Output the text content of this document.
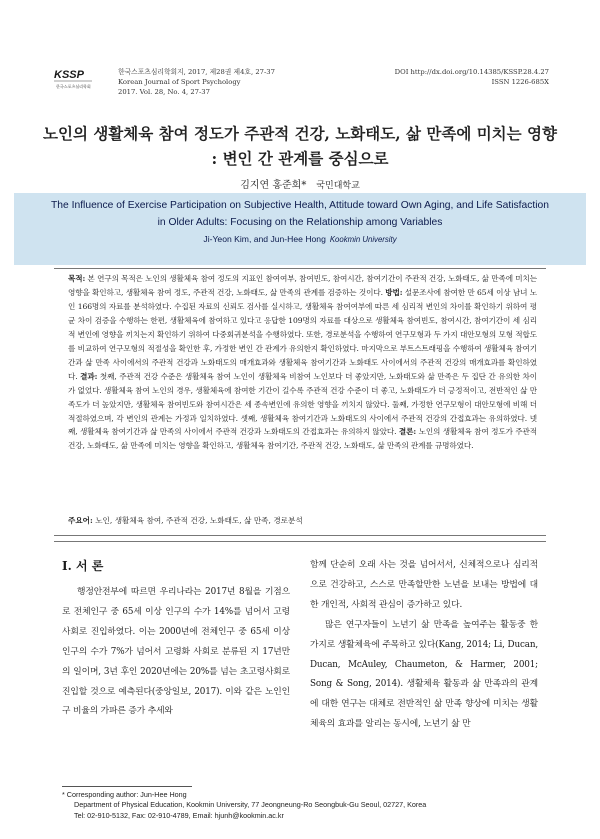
KSSP
한국스포츠심리학회
한국스포츠심리학회지, 2017, 제28권 제4호, 27-37
Korean Journal of Sport Psychology
2017. Vol. 28, No. 4, 27-37
DOI http://dx.doi.org/10.14385/KSSP.28.4.27
ISSN 1226-685X
노인의 생활체육 참여 정도가 주관적 건강, 노화태도, 삶 만족에 미치는 영향
: 변인 간 관계를 중심으로
김지연 홍준희* 국민대학교
The Influence of Exercise Participation on Subjective Health, Attitude toward Own Aging, and Life Satisfaction
in Older Adults: Focusing on the Relationship among Variables
Ji-Yeon Kim, and Jun-Hee Hong Kookmin University
목적: 본 연구의 목적은 노인의 생활체육 참여 정도의 지표인 참여여부, 참여빈도, 참여시간, 참여기간이 주관적 건강, 노화태도, 삶 만족에 미치는 영향을 확인하고, 생활체육 참여 정도, 주관적 건강, 노화태도, 삶 만족의 관계를 검증하는 것이다. 방법: 설문조사에 참여한 만 65세 이상 남녀 노인 166명의 자료를 분석하였다. 수집된 자료의 신뢰도 검사를 실시하고, 생활체육 참여여부에 따른 세 심리적 변인의 차이를 확인하기 위하여 평균 차이 검증을 수행하는 한편, 생활체육에 참여하고 있다고 응답한 109명의 자료를 대상으로 생활체육 참여빈도, 참여시간, 참여기간이 세 심리적 변인에 영향을 끼치는지 확인하기 위하여 다중회귀분석을 수행하였다. 또한, 경로분석을 수행하여 연구모형과 두 가지 대안모형의 모형 적합도를 비교하여 연구모형의 적절성을 확인한 후, 가정한 변인 간 관계가 유의한지 확인하였다. 마지막으로 부트스트래핑을 수행하여 생활체육 참여기간과 삶 만족 사이에서의 주관적 건강과 노화태도의 매개효과와 생활체육 참여기간과 노화태도 사이에서의 주관적 건강의 매개효과를 확인하였다. 결과: 첫째, 주관적 건강 수준은 생활체육 참여 노인이 생활체육 비참여 노인보다 더 좋았지만, 노화태도와 삶 만족은 두 집단 간 유의한 차이가 없었다. 생활체육 참여 노인의 경우, 생활체육에 참여한 기간이 길수록 주관적 건강 수준이 더 좋고, 노화태도가 더 긍정적이고, 전반적인 삶 만족도가 더 높았지만, 생활체육 참여빈도와 참여시간은 세 종속변인에 유의한 영향을 끼치지 않았다. 둘째, 가정한 연구모형이 대안모형에 비해 더 적절하였으며, 각 변인의 관계는 가정과 일치하였다. 셋째, 생활체육 참여기간과 노화태도의 사이에서 주관적 건강의 간접효과는 유의하였다. 넷째, 생활체육 참여기간과 삶 만족의 사이에서 주관적 건강과 노화태도의 간접효과는 유의하지 않았다. 결론: 노인의 생활체육 참여 정도가 주관적 건강, 노화태도, 삶 만족에 미치는 영향을 확인하고, 생활체육 참여기간, 주관적 건강, 노화태도, 삶 만족의 관계를 규명하였다.
주요어: 노인, 생활체육 참여, 주관적 건강, 노화태도, 삶 만족, 경로분석
I. 서 론

행정안전부에 따르면 우리나라는 2017년 8월을 기점으로 전체인구 중 65세 이상 인구의 수가 14%를 넘어서 고령사회로 진입하였다. 이는 2000년에 전체인구 중 65세 이상 인구의 수가 7%가 넘어서 고령화 사회로 분류된 지 17년만의 일이며, 3년 후인 2020년에는 20%를 넘는 초고령사회로 진입할 것으로 예측된다(중앙일보, 2017). 이와 같은 노인인구 비율의 가파른 증가 추세와

함께 단순히 오래 사는 것을 넘어서서, 신체적으로나 심리적으로 건강하고, 스스로 만족할만한 노년을 보내는 방법에 대한 개인적, 사회적 관심이 증가하고 있다.

많은 연구자들이 노년기 삶 만족을 높여주는 활동중 한 가지로 생활체육에 주목하고 있다(Kang, 2014; Li, Ducan, Ducan, McAuley, Chaumeton, & Harmer, 2001; Song & Song, 2014). 생활체육 활동과 삶 만족과의 관계에 대한 연구는 대체로 전반적인 삶 만족 향상에 미치는 생활체육의 효과를 알리는 동시에, 노년기 삶 만

* Corresponding author: Jun-Hee Hong
Department of Physical Education, Kookmin University, 77 Jeongneung-Ro Seongbuk-Gu Seoul, 02727, Korea
Tel: 02-910-5132, Fax: 02-910-4789, Email: hjunh@kookmin.ac.kr
